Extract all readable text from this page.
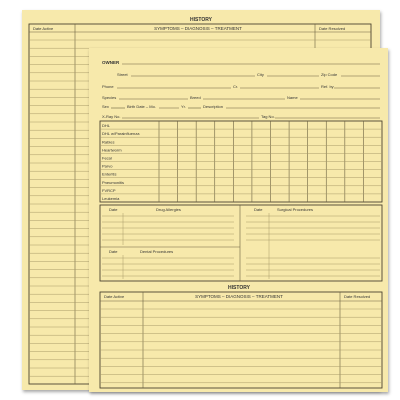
HISTORY
Date Active	SYMPTOMS – DIAGNOSIS – TREATMENT	Date Resolved
OWNER
Street	City	Zip Code
Phone	Cr.	Ref. by
Species	Breed	Name
Sex	Birth Date – Mo.	Yr.	Description
X-Ray No.	Tag No.
DHL
DHL w/Parainfluenza
Rabies
Heartworm
Fecal
Parvo
Enteritis
Pneumonitis
FVRCP
Leukemia
Date	Drug Allergies	Date	Surgical Procedures
Date	Dental Procedures
HISTORY
Date Active	SYMPTOMS – DIAGNOSIS – TREATMENT	Date Resolved
